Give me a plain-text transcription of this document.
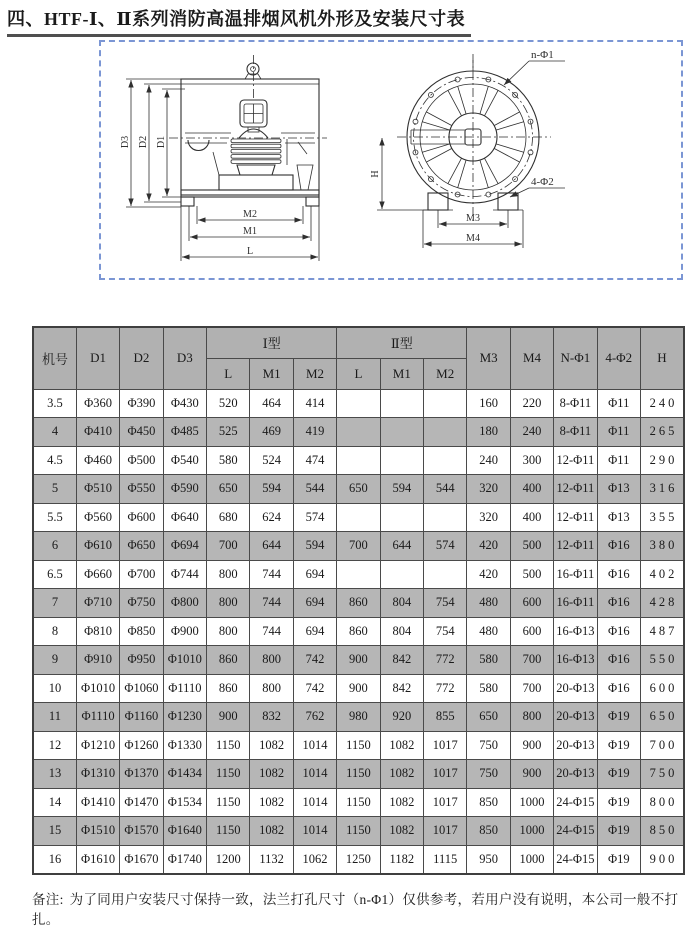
四、HTF-Ⅰ、Ⅱ系列消防高温排烟风机外形及安装尺寸表
D3 D2 D1
M2
M1
L
M3
M4
H
n-Φ1
4-Φ2
机号	D1	D2	D3	Ⅰ型			Ⅱ型			M3	M4	N-Φ1	4-Φ2	H
				L	M1	M2	L	M1	M2					
3.5	Φ360	Φ390	Φ430	520	464	414				160	220	8-Φ11	Φ11	240
4	Φ410	Φ450	Φ485	525	469	419				180	240	8-Φ11	Φ11	265
4.5	Φ460	Φ500	Φ540	580	524	474				240	300	12-Φ11	Φ11	290
5	Φ510	Φ550	Φ590	650	594	544	650	594	544	320	400	12-Φ11	Φ13	316
5.5	Φ560	Φ600	Φ640	680	624	574				320	400	12-Φ11	Φ13	355
6	Φ610	Φ650	Φ694	700	644	594	700	644	574	420	500	12-Φ11	Φ16	380
6.5	Φ660	Φ700	Φ744	800	744	694				420	500	16-Φ11	Φ16	402
7	Φ710	Φ750	Φ800	800	744	694	860	804	754	480	600	16-Φ11	Φ16	428
8	Φ810	Φ850	Φ900	800	744	694	860	804	754	480	600	16-Φ13	Φ16	487
9	Φ910	Φ950	Φ1010	860	800	742	900	842	772	580	700	16-Φ13	Φ16	550
10	Φ1010	Φ1060	Φ1110	860	800	742	900	842	772	580	700	20-Φ13	Φ16	600
11	Φ1110	Φ1160	Φ1230	900	832	762	980	920	855	650	800	20-Φ13	Φ19	650
12	Φ1210	Φ1260	Φ1330	1150	1082	1014	1150	1082	1017	750	900	20-Φ13	Φ19	700
13	Φ1310	Φ1370	Φ1434	1150	1082	1014	1150	1082	1017	750	900	20-Φ13	Φ19	750
14	Φ1410	Φ1470	Φ1534	1150	1082	1014	1150	1082	1017	850	1000	24-Φ15	Φ19	800
15	Φ1510	Φ1570	Φ1640	1150	1082	1014	1150	1082	1017	850	1000	24-Φ15	Φ19	850
16	Φ1610	Φ1670	Φ1740	1200	1132	1062	1250	1182	1115	950	1000	24-Φ15	Φ19	900
备注: 为了同用户安装尺寸保持一致，法兰打孔尺寸（n-Φ1）仅供参考，若用户没有说明，本公司一般不打扎。
